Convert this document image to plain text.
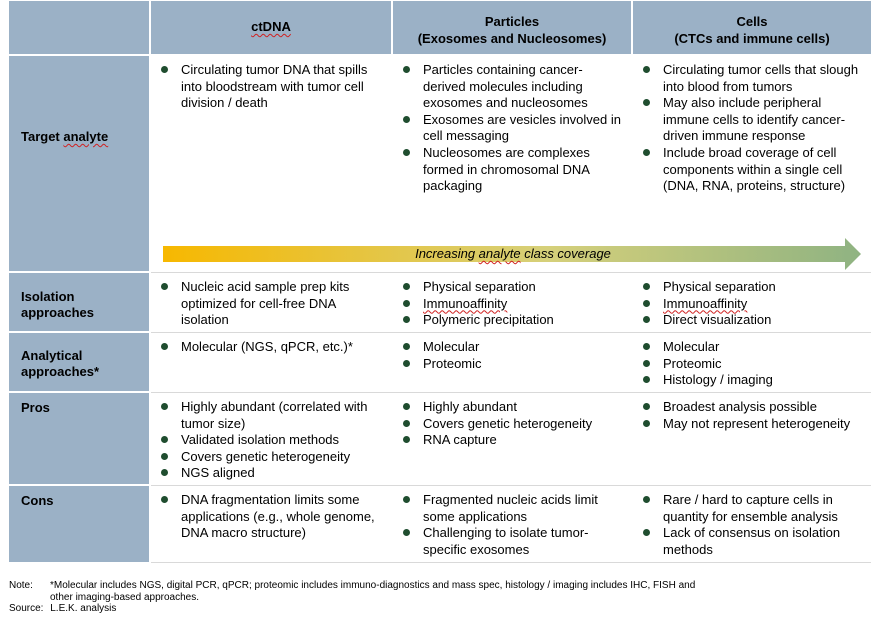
ctDNA	Particles
(Exosomes and Nucleosomes)
Cells
(CTCs and immune cells)
Target analyte
Isolation approaches
Analytical approaches*
Pros
Cons
Circulating tumor DNA that spills into bloodstream with tumor cell division / death
Particles containing cancer-derived molecules including exosomes and nucleosomes
Exosomes are vesicles involved in cell messaging
Nucleosomes are complexes formed in chromosomal DNA packaging
Circulating tumor cells that slough into blood from tumors
May also include peripheral immune cells to identify cancer-driven immune response
Include broad coverage of cell components within a single cell (DNA, RNA, proteins, structure)
Increasing analyte class coverage
Nucleic acid sample prep kits optimized for cell-free DNA isolation
Physical separation
Immunoaffinity
Polymeric precipitation
Physical separation
Immunoaffinity
Direct visualization
Molecular (NGS, qPCR, etc.)*	Molecular
Proteomic
Molecular
Proteomic
Histology / imaging
Highly abundant (correlated with tumor size)
Validated isolation methods
Covers genetic heterogeneity
NGS aligned
Highly abundant
Covers genetic heterogeneity
RNA capture
Broadest analysis possible
May not represent heterogeneity
DNA fragmentation limits some applications (e.g., whole genome, DNA macro structure)
Fragmented nucleic acids limit some applications
Challenging to isolate tumor-specific exosomes
Rare / hard to capture cells in quantity for ensemble analysis
Lack of consensus on isolation methods
Note: *Molecular includes NGS, digital PCR, qPCR; proteomic includes immuno-diagnostics and mass spec, histology / imaging includes IHC, FISH and
other imaging-based approaches.
Source: L.E.K. analysis
